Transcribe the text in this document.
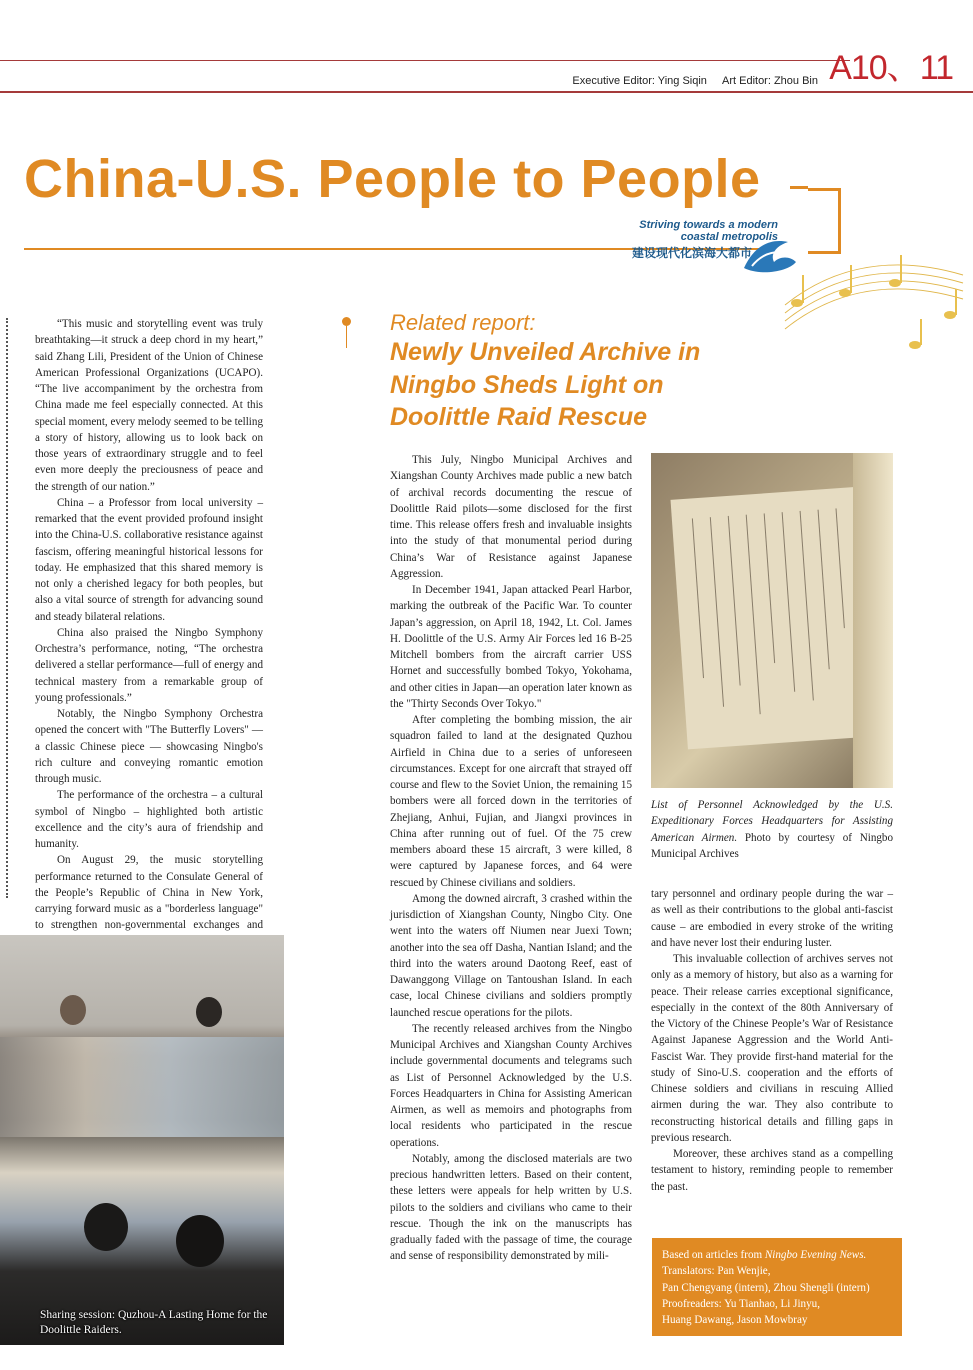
A10、11
Executive Editor: Ying Siqin Art Editor: Zhou Bin
China-U.S. People to People
Striving towards a modern
coastal metropolis
建设现代化滨海大都市

“This music and storytelling event was truly breathtaking—it struck a deep chord in my heart,” said Zhang Lili, President of the Union of Chinese American Professional Organizations (UCAPO). “The live accompaniment by the orchestra from China made me feel especially connected. At this special moment, every melody seemed to be telling a story of history, allowing us to look back on those years of extraordinary struggle and to feel even more deeply the preciousness of peace and the strength of our nation.”

China – a Professor from local university – remarked that the event provided profound insight into the China-U.S. collaborative resistance against fascism, offering meaningful historical lessons for today. He emphasized that this shared memory is not only a cherished legacy for both peoples, but also a vital source of strength for advancing sound and steady bilateral relations.

China also praised the Ningbo Symphony Orchestra’s performance, noting, “The orchestra delivered a stellar performance—full of energy and technical mastery from a remarkable group of young professionals.”

Notably, the Ningbo Symphony Orchestra opened the concert with "The Butterfly Lovers" — a classic Chinese piece — showcasing Ningbo's rich culture and conveying romantic emotion through music.

The performance of the orchestra – a cultural symbol of Ningbo – highlighted both artistic excellence and the city’s aura of friendship and humanity.

On August 29, the music storytelling performance returned to the Consulate General of the People’s Republic of China in New York, carrying forward music as a "borderless language" to strengthen non-governmental exchanges and

Sharing session: Quzhou-A Lasting Home for the Doolittle Raiders.
Related report:
Newly Unveiled Archive in Ningbo Sheds Light on Doolittle Raid Rescue

This July, Ningbo Municipal Archives and Xiangshan County Archives made public a new batch of archival records documenting the rescue of Doolittle Raid pilots—some disclosed for the first time. This release offers fresh and invaluable insights into the study of that monumental period during China’s War of Resistance against Japanese Aggression.

In December 1941, Japan attacked Pearl Harbor, marking the outbreak of the Pacific War. To counter Japan’s aggression, on April 18, 1942, Lt. Col. James H. Doolittle of the U.S. Army Air Forces led 16 B-25 Mitchell bombers from the aircraft carrier USS Hornet and successfully bombed Tokyo, Yokohama, and other cities in Japan—an operation later known as the "Thirty Seconds Over Tokyo."

After completing the bombing mission, the air squadron failed to land at the designated Quzhou Airfield in China due to a series of unforeseen circumstances. Except for one aircraft that strayed off course and flew to the Soviet Union, the remaining 15 bombers were all forced down in the territories of Zhejiang, Anhui, Fujian, and Jiangxi provinces in China after running out of fuel. Of the 75 crew members aboard these 15 aircraft, 3 were killed, 8 were captured by Japanese forces, and 64 were rescued by Chinese civilians and soldiers.

Among the downed aircraft, 3 crashed within the jurisdiction of Xiangshan County, Ningbo City. One went into the waters off Niumen near Juexi Town; another into the sea off Dasha, Nantian Island; and the third into the waters around Daotong Reef, east of Dawanggong Village on Tantoushan Island. In each case, local Chinese civilians and soldiers promptly launched rescue operations for the pilots.

The recently released archives from the Ningbo Municipal Archives and Xiangshan County Archives include governmental documents and telegrams such as List of Personnel Acknowledged by the U.S. Forces Headquarters in China for Assisting American Airmen, as well as memoirs and photographs from local residents who participated in the rescue operations.

Notably, among the disclosed materials are two precious handwritten letters. Based on their content, these letters were appeals for help written by U.S. pilots to the soldiers and civilians who came to their rescue. Though the ink on the manuscripts has gradually faded with the passage of time, the courage and sense of responsibility demonstrated by mili-

List of Personnel Acknowledged by the U.S. Expeditionary Forces Headquarters for Assisting American Airmen. Photo by courtesy of Ningbo Municipal Archives

tary personnel and ordinary people during the war – as well as their contributions to the global anti-fascist cause – are embodied in every stroke of the writing and have never lost their enduring luster.

This invaluable collection of archives serves not only as a memory of history, but also as a warning for peace. Their release carries exceptional significance, especially in the context of the 80th Anniversary of the Victory of the Chinese People’s War of Resistance Against Japanese Aggression and the World Anti-Fascist War. They provide first-hand material for the study of Sino-U.S. cooperation and the efforts of Chinese soldiers and civilians in rescuing Allied airmen during the war. They also contribute to reconstructing historical details and filling gaps in previous research.

Moreover, these archives stand as a compelling testament to history, reminding people to remember the past.

Based on articles from Ningbo Evening News.
Translators: Pan Wenjie,
Pan Chengyang (intern), Zhou Shengli (intern)
Proofreaders: Yu Tianhao, Li Jinyu,
Huang Dawang, Jason Mowbray
